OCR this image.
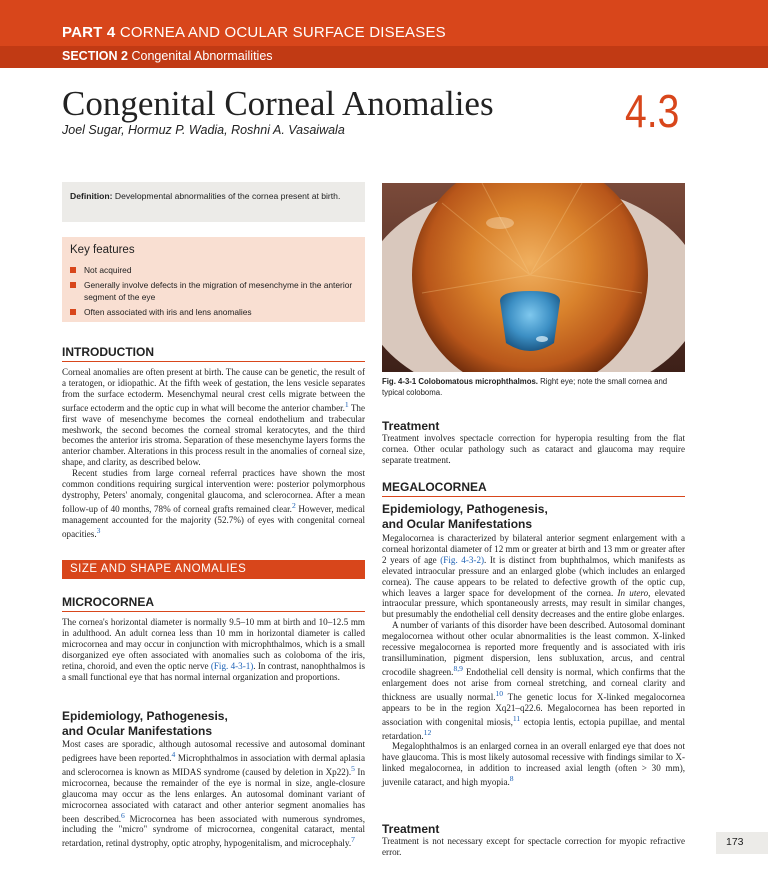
PART 4 CORNEA AND OCULAR SURFACE DISEASES
SECTION 2 Congenital Abnormailities
Congenital Corneal Anomalies
Joel Sugar, Hormuz P. Wadia, Roshni A. Vasaiwala	4.3

Definition: Developmental abnormalities of the cornea present at birth.

Key features
Not acquired
Generally involve defects in the migration of mesenchyme in the anterior segment of the eye
Often associated with iris and lens anomalies
INTRODUCTION

Corneal anomalies are often present at birth. The cause can be genetic, the result of a teratogen, or idiopathic. At the fifth week of gestation, the lens vesicle separates from the surface ectoderm. Mesenchymal neural crest cells migrate between the surface ectoderm and the optic cup in what will become the anterior chamber.$^1$ The first wave of mesenchyme becomes the corneal endothelium and trabecular meshwork, the second becomes the corneal stromal keratocytes, and the third becomes the anterior iris stroma. Separation of these mesenchyme layers forms the anterior chamber. Alterations in this process result in the anomalies of corneal size, shape, and clarity, as described below.
Recent studies from large corneal referral practices have shown the most common conditions requiring surgical intervention were: posterior polymorphous dystrophy, Peters' anomaly, congenital glaucoma, and sclerocornea. After a mean follow-up of 40 months, 78% of corneal grafts remained clear.$^2$ However, medical management accounted for the majority (52.7%) of eyes with congenital corneal opacities.$^3$

SIZE AND SHAPE ANOMALIES
MICROCORNEA

The cornea's horizontal diameter is normally 9.5–10 mm at birth and 10–12.5 mm in adulthood. An adult cornea less than 10 mm in horizontal diameter is called microcornea and may occur in conjunction with microphthalmos, which is a small disorganized eye often associated with anomalies such as coloboma of the iris, retina, choroid, and even the optic nerve (Fig. 4-3-1). In contrast, nanophthalmos is a small functional eye that has normal internal organization and proportions.

Epidemiology, Pathogenesis,
and Ocular Manifestations

Most cases are sporadic, although autosomal recessive and autosomal dominant pedigrees have been reported.$^4$ Microphthalmos in association with dermal aplasia and sclerocornea is known as MIDAS syndrome (caused by deletion in Xp22).$^5$ In microcornea, because the remainder of the eye is normal in size, angle-closure glaucoma may occur as the lens enlarges. An autosomal dominant variant of microcornea associated with cataract and other anterior segment anomalies has been described.$^6$ Microcornea has been associated with numerous syndromes, including the "micro" syndrome of microcornea, congenital cataract, mental retardation, retinal dystrophy, optic atrophy, hypogenitalism, and microcephaly.$^7$

Fig. 4-3-1 Colobomatous microphthalmos. Right eye; note the small cornea and typical coloboma.

Treatment

Treatment involves spectacle correction for hyperopia resulting from the flat cornea. Other ocular pathology such as cataract and glaucoma may require separate treatment.

MEGALOCORNEA
Epidemiology, Pathogenesis,
and Ocular Manifestations

Megalocornea is characterized by bilateral anterior segment enlargement with a corneal horizontal diameter of 12 mm or greater at birth and 13 mm or greater after 2 years of age (Fig. 4-3-2). It is distinct from buphthalmos, which manifests as elevated intraocular pressure and an enlarged globe (which includes an enlarged cornea). The cause appears to be related to defective growth of the optic cup, which leaves a larger space for development of the cornea. In utero, elevated intraocular pressure, which spontaneously arrests, may result in similar changes, but presumably the endothelial cell density decreases and the entire globe enlarges.
A number of variants of this disorder have been described. Autosomal dominant megalocornea without other ocular abnormalities is the least common. X-linked recessive megalocornea is reported more frequently and is associated with iris transillumination, pigment dispersion, lens subluxation, arcus, and central crocodile shagreen.$^{8,9}$ Endothelial cell density is normal, which confirms that the enlargement does not arise from corneal stretching, and corneal clarity and thickness are usually normal.$^{10}$ The genetic locus for X-linked megalocornea appears to be in the region Xq21–q22.6. Megalocornea has been reported in association with congenital miosis,$^{11}$ ectopia lentis, ectopia pupillae, and mental retardation.$^{12}$
Megalophthalmos is an enlarged cornea in an overall enlarged eye that does not have glaucoma. This is most likely autosomal recessive with findings similar to X-linked megalocornea, in addition to increased axial length (often > 30 mm), juvenile cataract, and high myopia.$^8$

Treatment

Treatment is not necessary except for spectacle correction for myopic refractive error.

173
